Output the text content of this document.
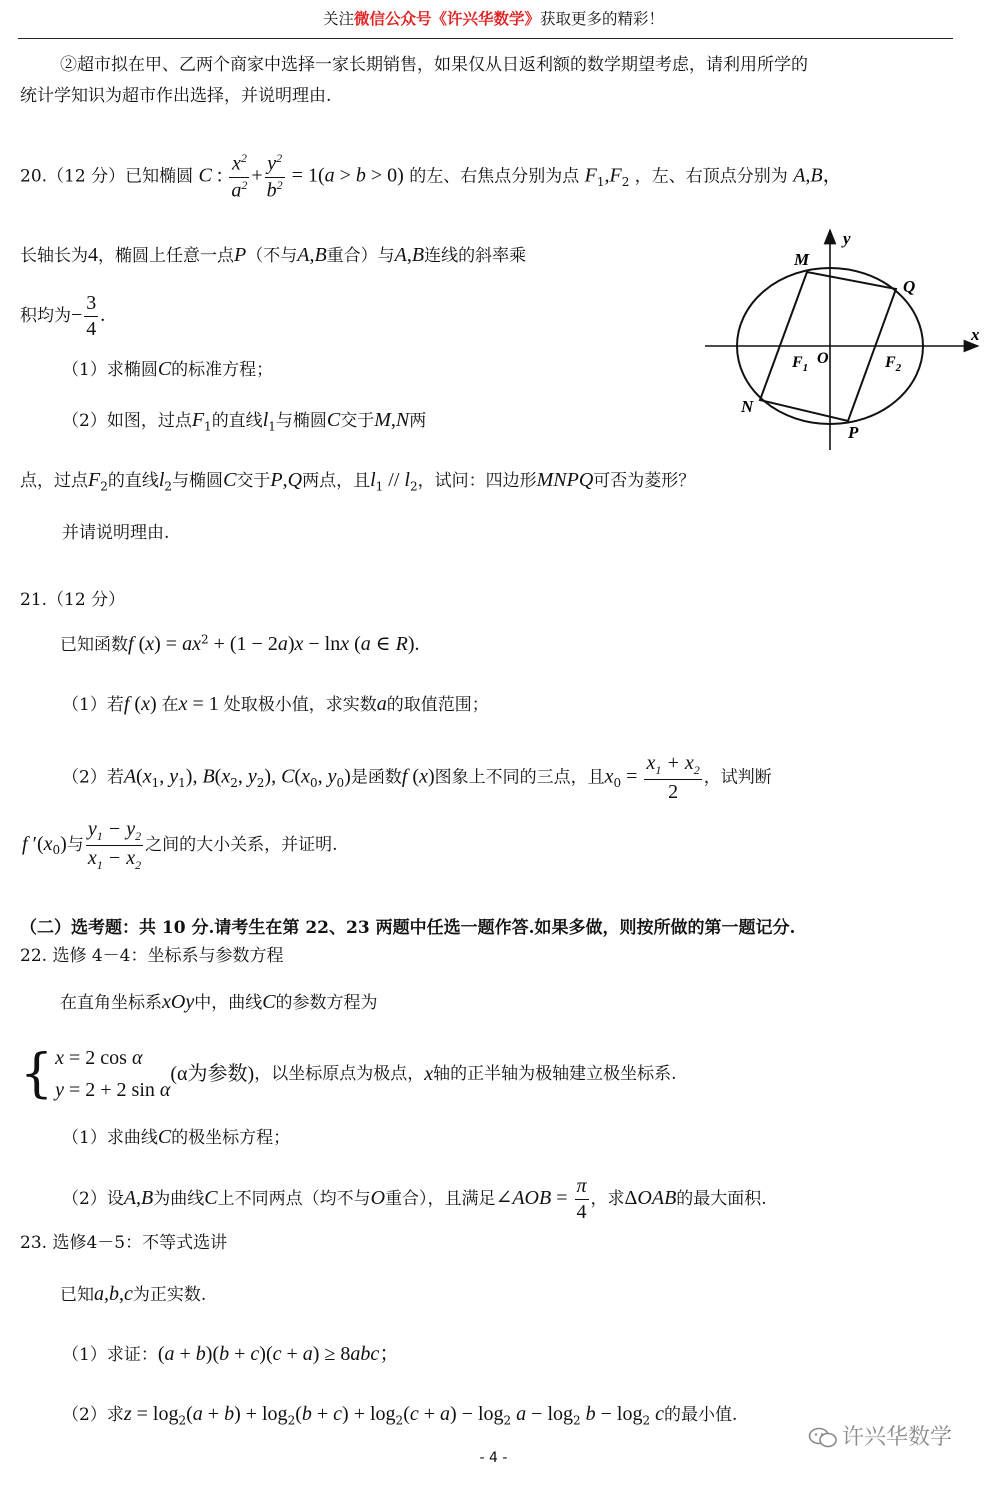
关注微信公众号《许兴华数学》获取更多的精彩！
②超市拟在甲、乙两个商家中选择一家长期销售，如果仅从日返利额的数学期望考虑，请利用所学的
统计学知识为超市作出选择，并说明理由.
20.（12 分）已知椭圆 C : $\frac{x^2}{a^2} + \frac{y^2}{b^2} = 1(a > b > 0)$ 的左、右焦点分别为点 $F_1,F_2$ ，左、右顶点分别为 A,B，
长轴长为4，椭圆上任意一点P（不与A,B重合）与A,B连线的斜率乘
积均为− $\frac{3}{4}$ .
（1）求椭圆C的标准方程；
（2）如图，过点$F_1$的直线$l_1$与椭圆C交于M,N两
点，过点$F_2$的直线$l_2$与椭圆C交于P,Q两点，且$l_1 // l_2$，试问：四边形MNPQ可否为菱形？
并请说明理由.
y
x
O
M
N
P
Q
$F_1$	$F_2$
21.（12 分）
已知函数f $(x) = ax^2 + (1 - 2a)x - \ln x$ (a ∈ R).
（1）若f (x) 在x = 1 处取极小值，求实数a的取值范围；
（2）若$A(x_1$, $y_1$), $B(x_2$, $y_2$), $C(x_0$, $y_0$)是函数f (x)图象上不同的三点，且$x_0 = \frac{x_1 + x_2}{2}$ ，试判断
f $'(x_0)$与 $\frac{y_1 - y_2}{x_1 - x_2}$ 之间的大小关系，并证明.
（二）选考题：共 10 分.请考生在第 22、23 两题中任选一题作答.如果多做，则按所做的第一题记分.
22. 选修 4－4：坐标系与参数方程
在直角坐标系xOy中，曲线C的参数方程为
{ x = 2 cos α
y = 2 + 2 sin α(α为参数)，以坐标原点为极点，x轴的正半轴为极轴建立极坐标系.
（1）求曲线C的极坐标方程；
（2）设A,B为曲线C上不同两点（均不与O重合），且满足∠AOB = $\frac{\pi}{4}$ ，求ΔOAB的最大面积.
23. 选修4－5：不等式选讲
已知a,b,c为正实数.
（1）求证：(a + b)(b + c)(c + a) ≥ 8abc；
（2）求$z = \log_2(a + b) + \log_2(b + c) + \log_2(c + a) - \log_2 a - \log_2 b - \log_2 c$的最小值.
许兴华数学
- 4 -
